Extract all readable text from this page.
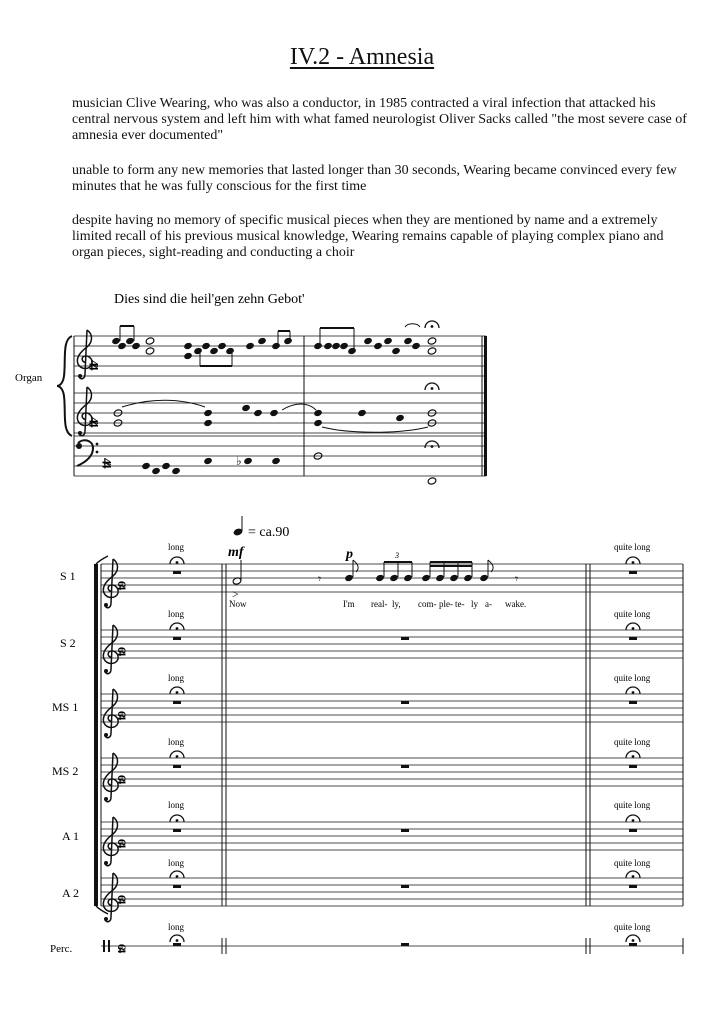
IV.2 - Amnesia

musician Clive Wearing, who was also a conductor, in 1985 contracted a viral infection that attacked his central nervous system and left him with what famed neurologist Oliver Sacks called "the most severe case of amnesia ever documented"

unable to form any new memories that lasted longer than 30 seconds, Wearing became convinced every few minutes that he was fully conscious for the first time

despite having no memory of specific musical pieces when they are mentioned by name and a extremely limited recall of his previous musical knowledge, Wearing remains capable of playing complex piano and organ pieces, sight-reading and conducting a choir

Dies sind die heil'gen zehn Gebot'
Organ
4/4
4/4
4/4	♭
= ca.90
S 1
S 2
MS 1
MS 2
A 1
A 2
Perc.
6/4
6/4
6/4
6/4
6/4
6/4
6/4
long
long
long
long
long
long
long
quite long
quite long
quite long
quite long
quite long
quite long
quite long
mf	p
>
𝄾	𝄾
3
Now	I'm real- ly, com- ple- te- ly a- wake.
